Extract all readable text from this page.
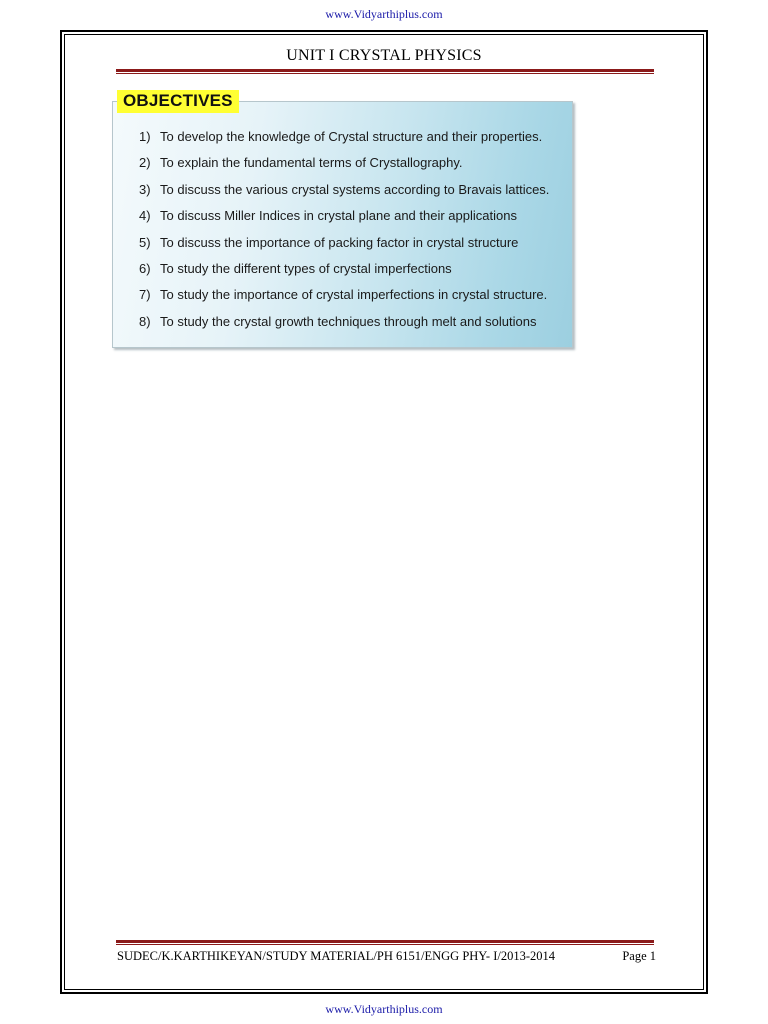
www.Vidyarthiplus.com
UNIT I CRYSTAL PHYSICS
OBJECTIVES
1) To develop the knowledge of Crystal structure and their properties.
2) To explain the fundamental terms of Crystallography.
3) To discuss the various crystal systems according to Bravais lattices.
4) To discuss Miller Indices in crystal plane and their applications
5) To discuss the importance of packing factor in crystal structure
6) To study the different types of crystal imperfections
7) To study the importance of crystal imperfections in crystal structure.
8) To study the crystal growth techniques through melt and solutions
SUDEC/K.KARTHIKEYAN/STUDY MATERIAL/PH 6151/ENGG PHY- I/2013-2014	Page 1
www.Vidyarthiplus.com
